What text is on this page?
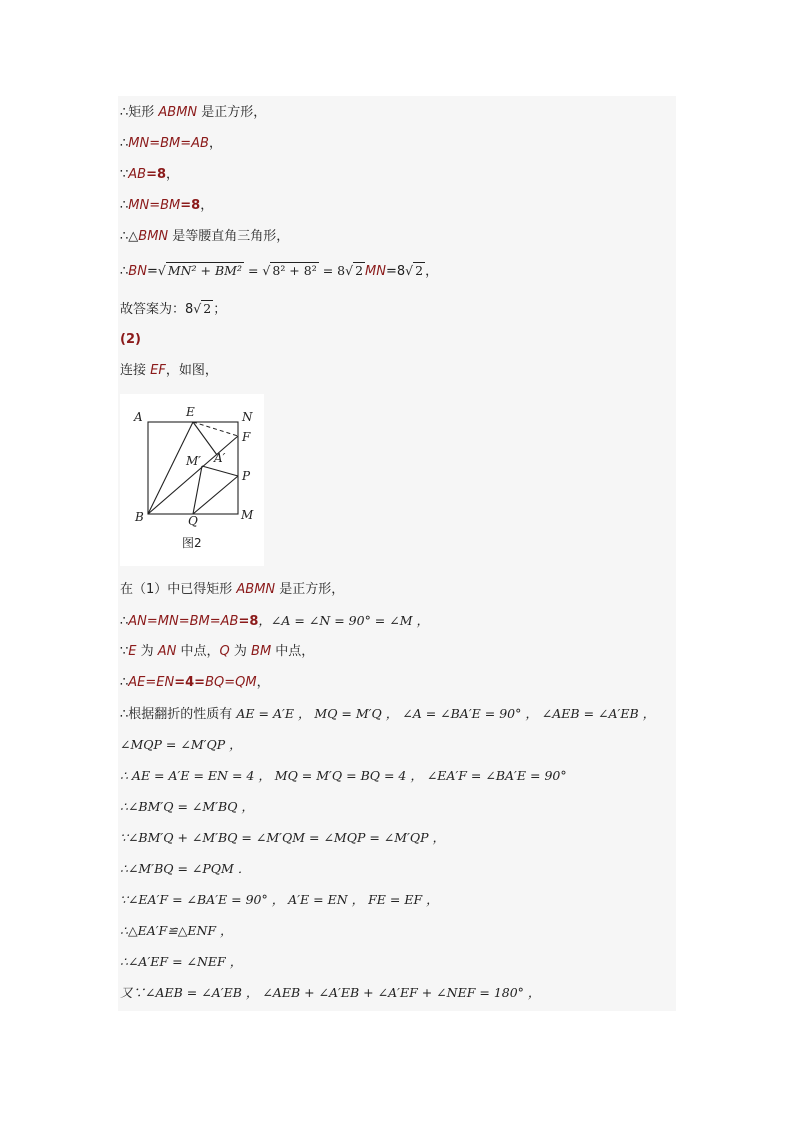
∴矩形 ABMN 是正方形，
∴MN=BM=AB，
∵AB=8，
∴MN=BM=8，
∴△BMN 是等腰直角三角形，
∴BN=√ MN² + BM² = √ 8² + 8² = 8√ 2 MN=8√ 2 ，
故答案为：8√ 2 ；
(2)
连接 EF，如图，
A	E	N
F
M′ A′
P
B	Q	M
图2
在（1）中已得矩形 ABMN 是正方形，
∴AN=MN=BM=AB=8，∠A = ∠N = 90° = ∠M ，
∵E 为 AN 中点，Q 为 BM 中点，
∴AE=EN=4=BQ=QM，
∴根据翻折的性质有 AE = A′E ， MQ = M′Q ， ∠A = ∠BA′E = 90° ， ∠AEB = ∠A′EB ，
∠MQP = ∠M′QP ，
∴ AE = A′E = EN = 4 ， MQ = M′Q = BQ = 4 ， ∠EA′F = ∠BA′E = 90°
∴∠BM′Q = ∠M′BQ ，
∵∠BM′Q + ∠M′BQ = ∠M′QM = ∠MQP = ∠M′QP ，
∴∠M′BQ = ∠PQM ．
∵∠EA′F = ∠BA′E = 90° ， A′E = EN ， FE = EF ，
∴△EA′F≌△ENF ，
∴∠A′EF = ∠NEF ，
又∵∠AEB = ∠A′EB ， ∠AEB + ∠A′EB + ∠A′EF + ∠NEF = 180° ，
